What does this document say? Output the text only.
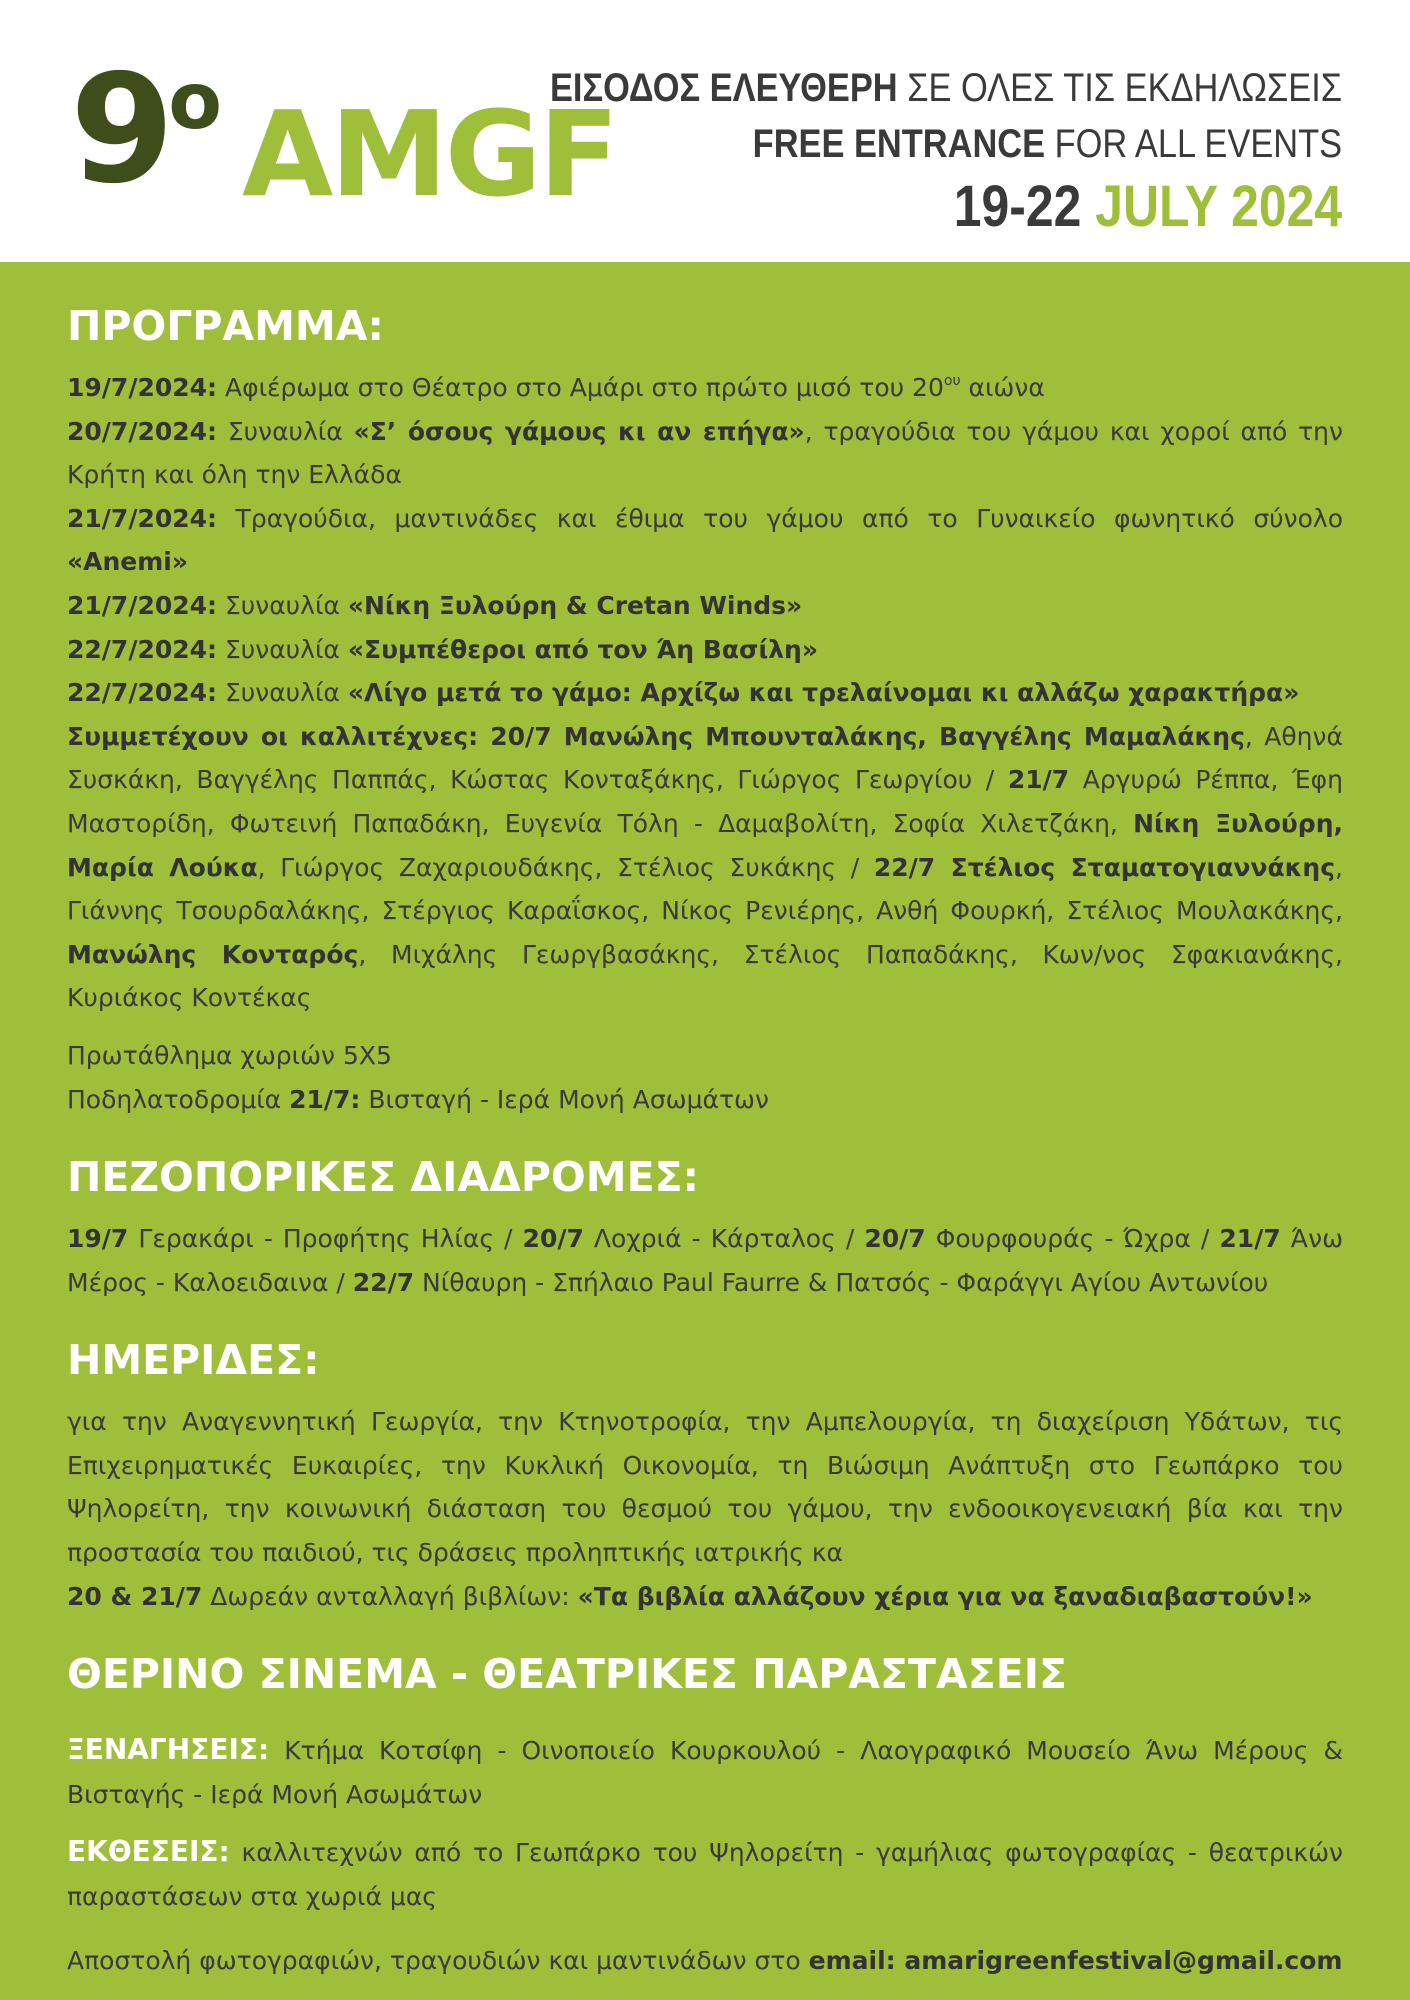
9ο AMGF
ΕΙΣΟΔΟΣ ΕΛΕΥΘΕΡΗ ΣΕ ΟΛΕΣ ΤΙΣ ΕΚΔΗΛΩΣΕΙΣ
FREE ENTRANCE FOR ALL EVENTS
19-22 JULY 2024
ΠΡΟΓΡΑΜΜΑ:

19/7/2024: Αφιέρωμα στο Θέατρο στο Αμάρι στο πρώτο μισό του $20^{o\upsilon}$ αιώνα

20/7/2024: Συναυλία «Σ’ όσους γάμους κι αν επήγα», τραγούδια του γάμου και χοροί από την Κρήτη και όλη την Ελλάδα

21/7/2024: Τραγούδια, μαντινάδες και έθιμα του γάμου από το Γυναικείο φωνητικό σύνολο «Anemi»

21/7/2024: Συναυλία «Νίκη Ξυλούρη & Cretan Winds»

22/7/2024: Συναυλία «Συμπέθεροι από τον Άη Βασίλη»

22/7/2024: Συναυλία «Λίγο μετά το γάμο: Αρχίζω και τρελαίνομαι κι αλλάζω χαρακτήρα»

Συμμετέχουν οι καλλιτέχνες: 20/7 Μανώλης Μπουνταλάκης, Βαγγέλης Μαμαλάκης, Αθηνά Συσκάκη, Βαγγέλης Παππάς, Κώστας Κονταξάκης, Γιώργος Γεωργίου / 21/7 Αργυρώ Ρέππα, Έφη Μαστορίδη, Φωτεινή Παπαδάκη, Ευγενία Τόλη - Δαμαβολίτη, Σοφία Χιλετζάκη, Νίκη Ξυλούρη, Μαρία Λούκα, Γιώργος Ζαχαριουδάκης, Στέλιος Συκάκης / 22/7 Στέλιος Σταματογιαννάκης, Γιάννης Τσουρδαλάκης, Στέργιος Καραΐσκος, Νίκος Ρενιέρης, Ανθή Φουρκή, Στέλιος Μουλακάκης, Μανώλης Κονταρός, Μιχάλης Γεωργβασάκης, Στέλιος Παπαδάκης, Κων/νος Σφακιανάκης, Κυριάκος Κοντέκας

Πρωτάθλημα χωριών 5Χ5

Ποδηλατοδρομία 21/7: Βισταγή - Ιερά Μονή Ασωμάτων

ΠΕΖΟΠΟΡΙΚΕΣ ΔΙΑΔΡΟΜΕΣ:

19/7 Γερακάρι - Προφήτης Ηλίας / 20/7 Λοχριά - Κάρταλος / 20/7 Φουρφουράς - Ώχρα / 21/7 Άνω Μέρος - Καλοειδαινα / 22/7 Νίθαυρη - Σπήλαιο Paul Faurre & Πατσός - Φαράγγι Αγίου Αντωνίου

ΗΜΕΡΙΔΕΣ:

για την Αναγεννητική Γεωργία, την Κτηνοτροφία, την Αμπελουργία, τη διαχείριση Υδάτων, τις Επιχειρηματικές Ευκαιρίες, την Κυκλική Οικονομία, τη Βιώσιμη Ανάπτυξη στο Γεωπάρκο του Ψηλορείτη, την κοινωνική διάσταση του θεσμού του γάμου, την ενδοοικογενειακή βία και την προστασία του παιδιού, τις δράσεις προληπτικής ιατρικής κα

20 & 21/7 Δωρεάν ανταλλαγή βιβλίων: «Τα βιβλία αλλάζουν χέρια για να ξαναδιαβαστούν!»

ΘΕΡΙΝΟ ΣΙΝΕΜΑ - ΘΕΑΤΡΙΚΕΣ ΠΑΡΑΣΤΑΣΕΙΣ

ΞΕΝΑΓΗΣΕΙΣ: Κτήμα Κοτσίφη - Οινοποιείο Κουρκουλού - Λαογραφικό Μουσείο Άνω Μέρους & Βισταγής - Ιερά Μονή Ασωμάτων

ΕΚΘΕΣΕΙΣ: καλλιτεχνών από το Γεωπάρκο του Ψηλορείτη - γαμήλιας φωτογραφίας - θεατρικών παραστάσεων στα χωριά μας

Αποστολή φωτογραφιών, τραγουδιών και μαντινάδων στο email: amarigreenfestival@gmail.com
